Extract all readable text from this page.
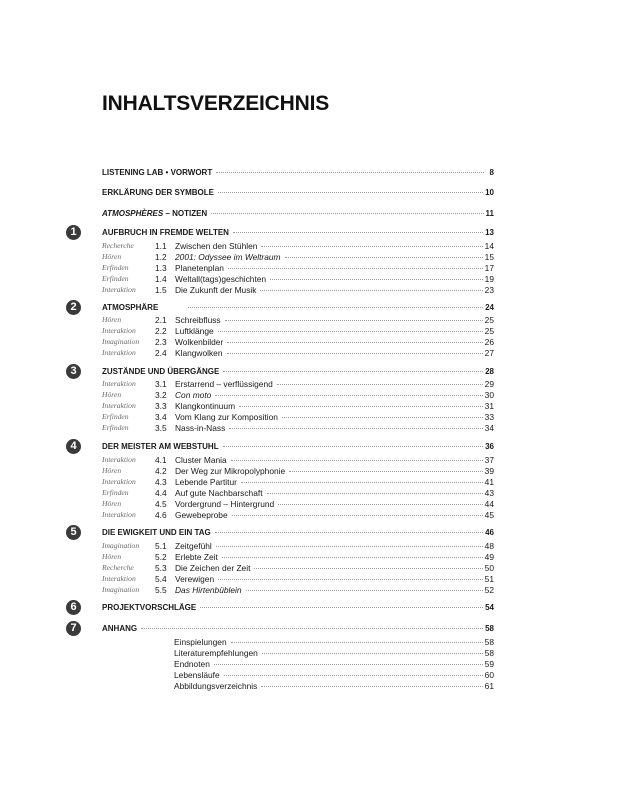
INHALTSVERZEICHNIS
LISTENING LAB • VORWORT	8
ERKLÄRUNG DER SYMBOLE	10
ATMOSPHÈRES – NOTIZEN	11
1	AUFBRUCH IN FREMDE WELTEN	13
Recherche	1.1 Zwischen den Stühlen	14
Hören	1.2 2001: Odyssee im Weltraum	15
Erfinden	1.3 Planetenplan	17
Erfinden	1.4 Weltall(tags)geschichten	19
Interaktion	1.5 Die Zukunft der Musik	23
2	ATMOSPHÄRE	24
Hören	2.1 Schreibfluss	25
Interaktion	2.2 Luftklänge	25
Imagination	2.3 Wolkenbilder	26
Interaktion	2.4 Klangwolken	27
3	ZUSTÄNDE UND ÜBERGÄNGE	28
Interaktion	3.1 Erstarrend – verflüssigend	29
Hören	3.2 Con moto	30
Interaktion	3.3 Klangkontinuum	31
Erfinden	3.4 Vom Klang zur Komposition	33
Erfinden	3.5 Nass-in-Nass	34
4	DER MEISTER AM WEBSTUHL	36
Interaktion	4.1 Cluster Mania	37
Hören	4.2 Der Weg zur Mikropolyphonie	39
Interaktion	4.3 Lebende Partitur	41
Erfinden	4.4 Auf gute Nachbarschaft	43
Hören	4.5 Vordergrund – Hintergrund	44
Interaktion	4.6 Gewebeprobe	45
5	DIE EWIGKEIT UND EIN TAG	46
Imagination	5.1 Zeitgefühl	48
Hören	5.2 Erlebte Zeit	49
Recherche	5.3 Die Zeichen der Zeit	50
Interaktion	5.4 Verewigen	51
Imagination	5.5 Das Hirtenbüblein	52
6	PROJEKTVORSCHLÄGE	54
7	ANHANG	58
Einspielungen	58
Literaturempfehlungen	58
Endnoten	59
Lebensläufe	60
Abbildungsverzeichnis	61
